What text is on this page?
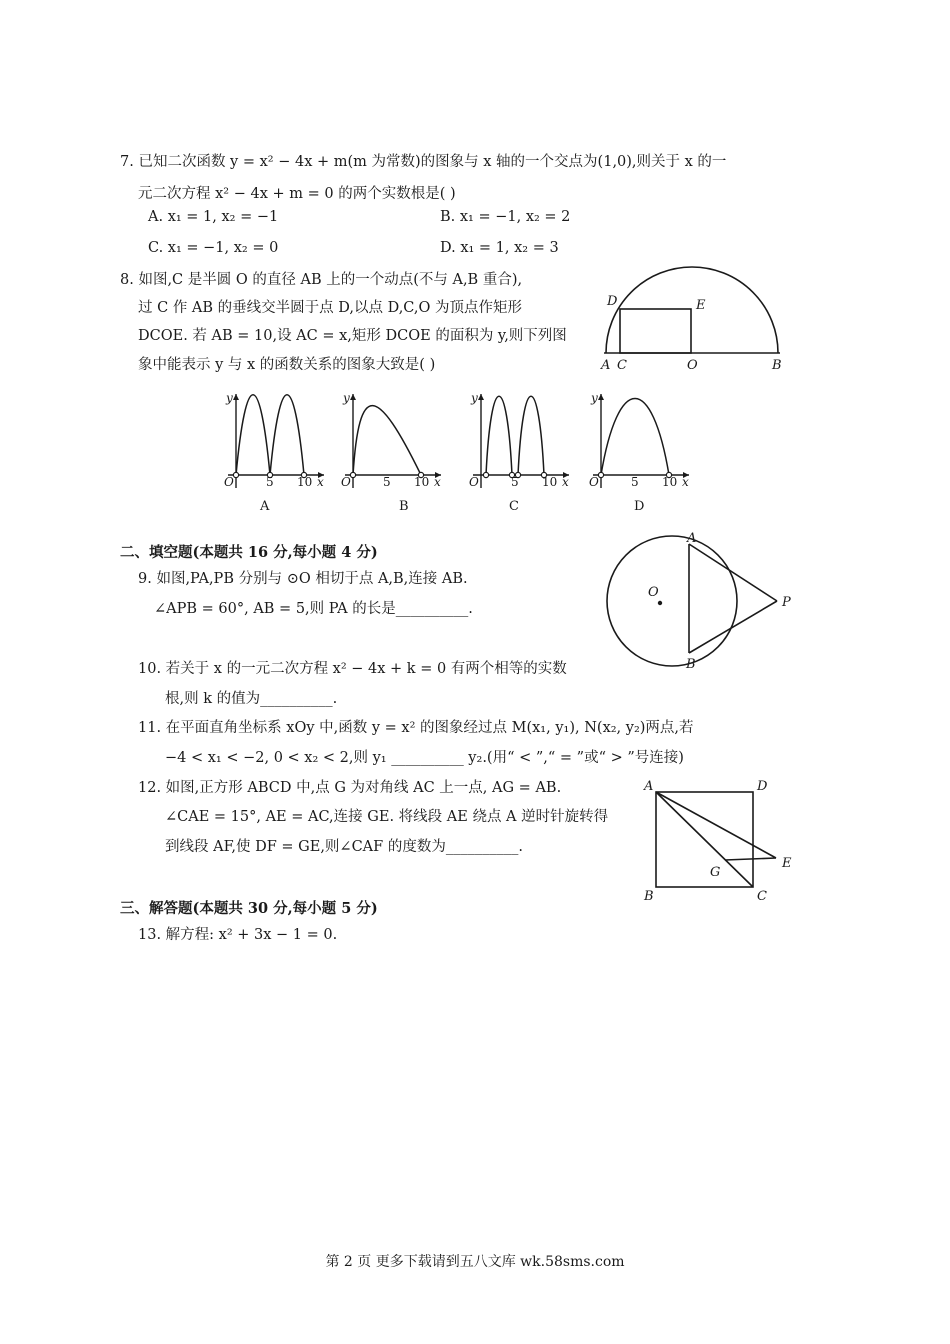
7. 已知二次函数 y = x² − 4x + m(m 为常数)的图象与 x 轴的一个交点为(1,0),则关于 x 的一
元二次方程 x² − 4x + m = 0 的两个实数根是( )
A. x₁ = 1, x₂ = −1	B. x₁ = −1, x₂ = 2
C. x₁ = −1, x₂ = 0	D. x₁ = 1, x₂ = 3
8. 如图,C 是半圆 O 的直径 AB 上的一个动点(不与 A,B 重合),
过 C 作 AB 的垂线交半圆于点 D,以点 D,C,O 为顶点作矩形
DCOE. 若 AB = 10,设 AC = x,矩形 DCOE 的面积为 y,则下列图
象中能表示 y 与 x 的函数关系的图象大致是( )
D	E
A C	O	B
y
O	5 10 x
A
y
O	5 10 x
B
y
O	5 10 x
C
y
O	5 10 x
D
二、填空题(本题共 16 分,每小题 4 分)
9. 如图,PA,PB 分别与 ⊙O 相切于点 A,B,连接 AB.
∠APB = 60°, AB = 5,则 PA 的长是__________.
A
B
O
P
10. 若关于 x 的一元二次方程 x² − 4x + k = 0 有两个相等的实数
根,则 k 的值为__________.
11. 在平面直角坐标系 xOy 中,函数 y = x² 的图象经过点 M(x₁, y₁), N(x₂, y₂)两点,若
−4 < x₁ < −2, 0 < x₂ < 2,则 y₁ __________ y₂.(用“ < ”,“ = ”或“ > ”号连接)
12. 如图,正方形 ABCD 中,点 G 为对角线 AC 上一点, AG = AB.
∠CAE = 15°, AE = AC,连接 GE. 将线段 AE 绕点 A 逆时针旋转得
到线段 AF,使 DF = GE,则∠CAF 的度数为__________.
A	D
E
G
B	C
三、解答题(本题共 30 分,每小题 5 分)
13. 解方程: x² + 3x − 1 = 0.
第 2 页 更多下载请到五八文库 wk.58sms.com
